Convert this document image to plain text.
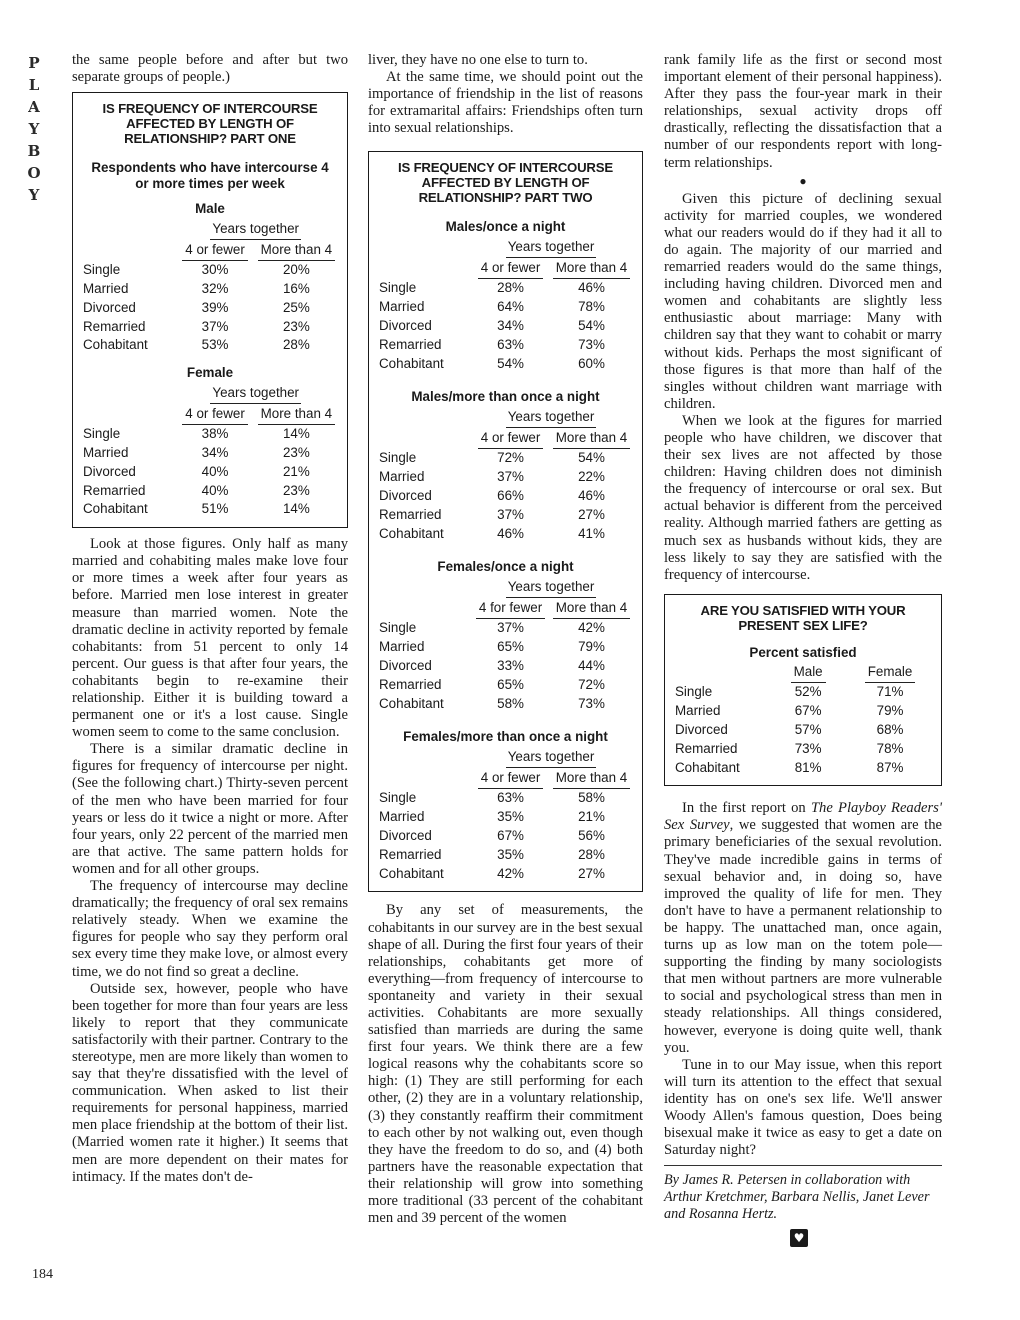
P
L
A
Y
B
O
Y
184

the same people before and after but two separate groups of people.)

IS FREQUENCY OF INTERCOURSE AFFECTED BY LENGTH OF RELATIONSHIP? PART ONE
Respondents who have intercourse 4 or more times per week
Male
	Years together	
	4 or fewer	More than 4
Single	30%	20%
Married	32%	16%
Divorced	39%	25%
Remarried	37%	23%
Cohabitant	53%	28%
Female
	Years together	
	4 or fewer	More than 4
Single	38%	14%
Married	34%	23%
Divorced	40%	21%
Remarried	40%	23%
Cohabitant	51%	14%

Look at those figures. Only half as many married and cohabiting males make love four or more times a week after four years as before. Married men lose interest in greater measure than married women. Note the dramatic decline in activity reported by female cohabitants: from 51 percent to only 14 percent. Our guess is that after four years, the cohabitants begin to re-examine their relationship. Either it is building toward a permanent one or it's a lost cause. Single women seem to come to the same conclusion.

There is a similar dramatic decline in figures for frequency of intercourse per night. (See the following chart.) Thirty-seven percent of the men who have been married for four years or less do it twice a night or more. After four years, only 22 percent of the married men are that active. The same pattern holds for women and for all other groups.

The frequency of intercourse may decline dramatically; the frequency of oral sex remains relatively steady. When we examine the figures for people who say they perform oral sex every time they make love, or almost every time, we do not find so great a decline.

Outside sex, however, people who have been together for more than four years are less likely to report that they communicate satisfactorily with their partner. Contrary to the stereotype, men are more likely than women to say that they're dissatisfied with the level of communication. When asked to list their requirements for personal happiness, married men place friendship at the bottom of their list. (Married women rate it higher.) It seems that men are more dependent on their mates for intimacy. If the mates don't de-

liver, they have no one else to turn to.

At the same time, we should point out the importance of friendship in the list of reasons for extramarital affairs: Friendships often turn into sexual relationships.

IS FREQUENCY OF INTERCOURSE AFFECTED BY LENGTH OF RELATIONSHIP? PART TWO
Males/once a night
	Years together	
	4 or fewer	More than 4
Single	28%	46%
Married	64%	78%
Divorced	34%	54%
Remarried	63%	73%
Cohabitant	54%	60%
Males/more than once a night
	Years together	
	4 or fewer	More than 4
Single	72%	54%
Married	37%	22%
Divorced	66%	46%
Remarried	37%	27%
Cohabitant	46%	41%
Females/once a night
	Years together	
	4 for fewer	More than 4
Single	37%	42%
Married	65%	79%
Divorced	33%	44%
Remarried	65%	72%
Cohabitant	58%	73%
Females/more than once a night
	Years together	
	4 or fewer	More than 4
Single	63%	58%
Married	35%	21%
Divorced	67%	56%
Remarried	35%	28%
Cohabitant	42%	27%

By any set of measurements, the cohabitants in our survey are in the best sexual shape of all. During the first four years of their relationships, cohabitants get more of everything—from frequency of intercourse to spontaneity and variety in their sexual activities. Cohabitants are more sexually satisfied than marrieds are during the same first four years. We think there are a few logical reasons why the cohabitants score so high: (1) They are still performing for each other, (2) they are in a voluntary relationship, (3) they constantly reaffirm their commitment to each other by not walking out, even though they have the freedom to do so, and (4) both partners have the reasonable expectation that their relationship will grow into something more traditional (33 percent of the cohabitant men and 39 percent of the women

rank family life as the first or second most important element of their personal happiness). After they pass the four-year mark in their relationships, sexual activity drops off drastically, reflecting the dissatisfaction that a number of our respondents report with long-term relationships.

●

Given this picture of declining sexual activity for married couples, we wondered what our readers would do if they had it all to do again. The majority of our married and remarried readers would do the same things, including having children. Divorced men and women and cohabitants are slightly less enthusiastic about marriage: Many with children say that they want to cohabit or marry without kids. Perhaps the most significant of those figures is that more than half of the singles without children want marriage with children.

When we look at the figures for married people who have children, we discover that their sex lives are not affected by those children: Having children does not diminish the frequency of intercourse or oral sex. But actual behavior is different from the perceived reality. Although married fathers are getting as much sex as husbands without kids, they are less likely to say they are satisfied with the frequency of intercourse.

ARE YOU SATISFIED WITH YOUR PRESENT SEX LIFE?
Percent satisfied
	Male	Female
Single	52%	71%
Married	67%	79%
Divorced	57%	68%
Remarried	73%	78%
Cohabitant	81%	87%

In the first report on The Playboy Readers' Sex Survey, we suggested that women are the primary beneficiaries of the sexual revolution. They've made incredible gains in terms of sexual behavior and, in doing so, have improved the quality of life for men. They don't have to have a permanent relationship to be happy. The unattached man, once again, turns up as low man on the totem pole—supporting the finding by many sociologists that men without partners are more vulnerable to social and psychological stress than men in steady relationships. All things considered, however, everyone is doing quite well, thank you.

Tune in to our May issue, when this report will turn its attention to the effect that sexual identity has on one's sex life. We'll answer Woody Allen's famous question, Does being bisexual make it twice as easy to get a date on Saturday night?

By James R. Petersen in collaboration with Arthur Kretchmer, Barbara Nellis, Janet Lever and Rosanna Hertz.
♥
